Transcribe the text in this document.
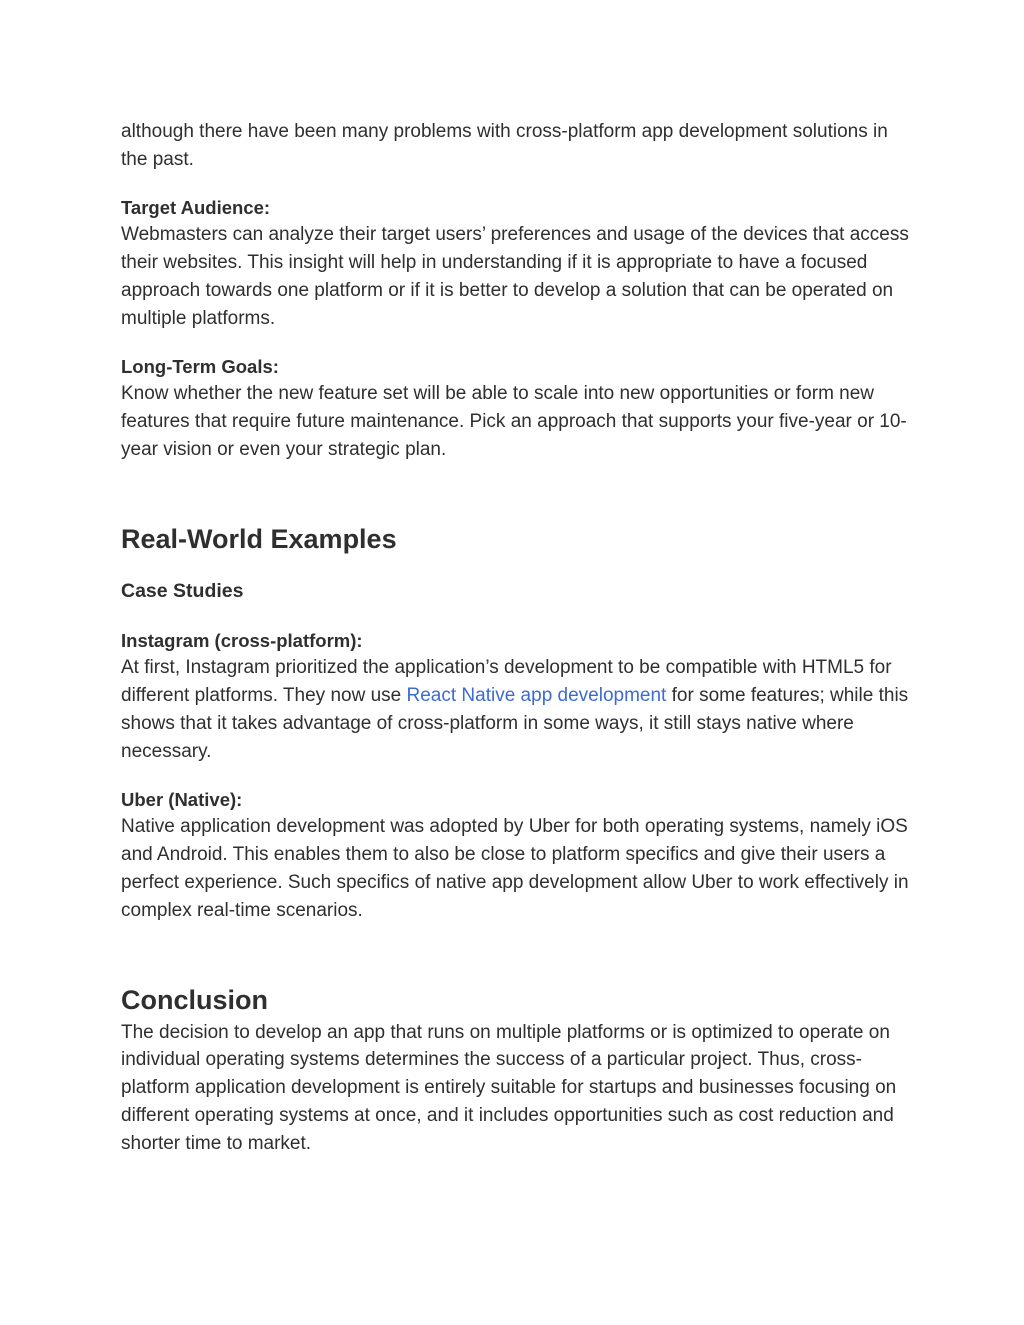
although there have been many problems with cross-platform app development solutions in the past.

Target Audience:

Webmasters can analyze their target users’ preferences and usage of the devices that access their websites. This insight will help in understanding if it is appropriate to have a focused approach towards one platform or if it is better to develop a solution that can be operated on multiple platforms.

Long-Term Goals:

Know whether the new feature set will be able to scale into new opportunities or form new features that require future maintenance. Pick an approach that supports your five-year or 10-year vision or even your strategic plan.

Real-World Examples
Case Studies
Instagram (cross-platform):

At first, Instagram prioritized the application’s development to be compatible with HTML5 for different platforms. They now use React Native app development for some features; while this shows that it takes advantage of cross-platform in some ways, it still stays native where necessary.

Uber (Native):

Native application development was adopted by Uber for both operating systems, namely iOS and Android. This enables them to also be close to platform specifics and give their users a perfect experience. Such specifics of native app development allow Uber to work effectively in complex real-time scenarios.

Conclusion

The decision to develop an app that runs on multiple platforms or is optimized to operate on individual operating systems determines the success of a particular project. Thus, cross-platform application development is entirely suitable for startups and businesses focusing on different operating systems at once, and it includes opportunities such as cost reduction and shorter time to market.
